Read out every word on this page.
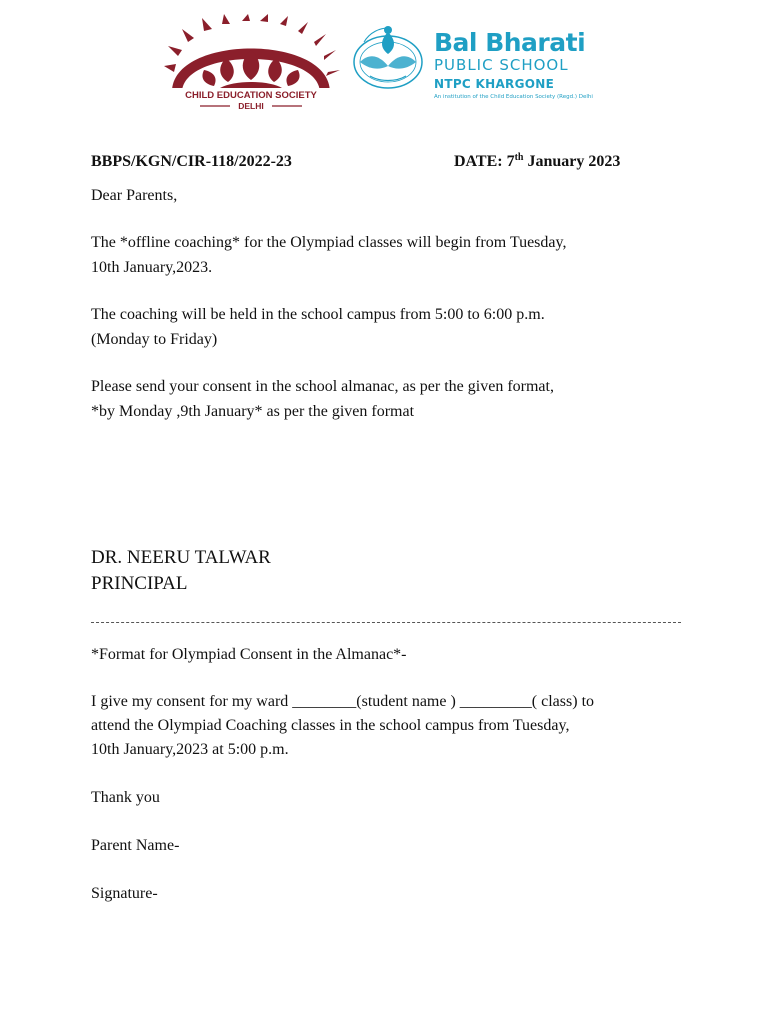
CHILD EDUCATION SOCIETY
DELHI
Bal Bharati
PUBLIC SCHOOL
NTPC KHARGONE
An institution of the Child Education Society (Regd.) Delhi
BBPS/KGN/CIR-118/2022-23	DATE: 7th January 2023
Dear Parents,
The *offline coaching* for the Olympiad classes will begin from Tuesday,
10th January,2023.
The coaching will be held in the school campus from 5:00 to 6:00 p.m.
(Monday to Friday)
Please send your consent in the school almanac, as per the given format,
*by Monday ,9th January* as per the given format
DR. NEERU TALWAR
PRINCIPAL
*Format for Olympiad Consent in the Almanac*-
I give my consent for my ward ________(student name ) _________( class) to
attend the Olympiad Coaching classes in the school campus from Tuesday,
10th January,2023 at 5:00 p.m.
Thank you
Parent Name-
Signature-
